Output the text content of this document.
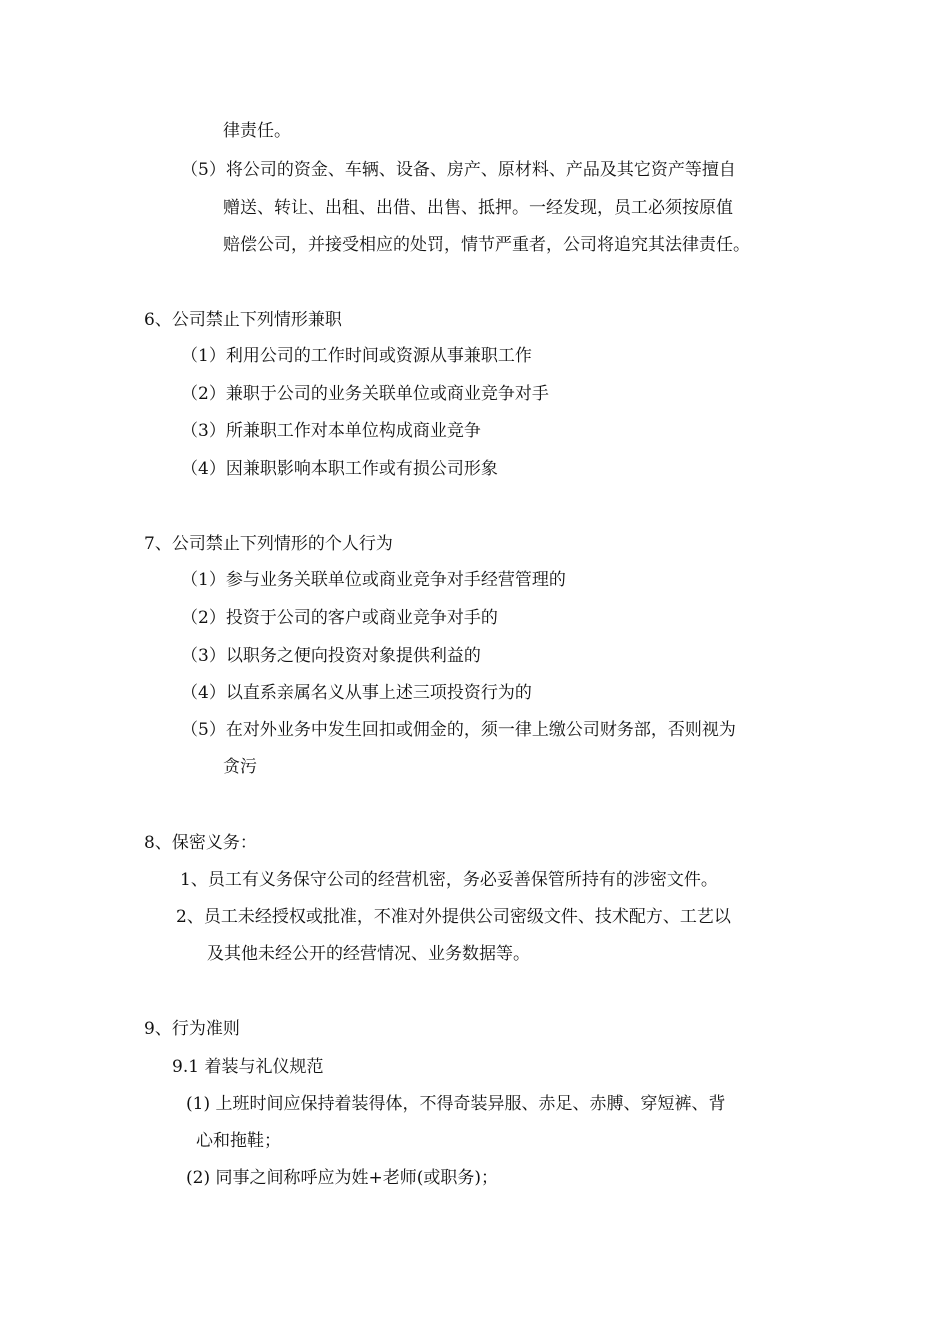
律责任。
（5）将公司的资金、车辆、设备、房产、原材料、产品及其它资产等擅自
赠送、转让、出租、出借、出售、抵押。一经发现，员工必须按原值
赔偿公司，并接受相应的处罚，情节严重者，公司将追究其法律责任。
6、公司禁止下列情形兼职
（1）利用公司的工作时间或资源从事兼职工作
（2）兼职于公司的业务关联单位或商业竞争对手
（3）所兼职工作对本单位构成商业竞争
（4）因兼职影响本职工作或有损公司形象
7、公司禁止下列情形的个人行为
（1）参与业务关联单位或商业竞争对手经营管理的
（2）投资于公司的客户或商业竞争对手的
（3）以职务之便向投资对象提供利益的
（4）以直系亲属名义从事上述三项投资行为的
（5）在对外业务中发生回扣或佣金的，须一律上缴公司财务部，否则视为
贪污
8、保密义务：
1、员工有义务保守公司的经营机密，务必妥善保管所持有的涉密文件。
2、员工未经授权或批准，不准对外提供公司密级文件、技术配方、工艺以
及其他未经公开的经营情况、业务数据等。
9、行为准则
9.1 着装与礼仪规范
(1) 上班时间应保持着装得体，不得奇装异服、赤足、赤膊、穿短裤、背
心和拖鞋；
(2) 同事之间称呼应为姓+老师(或职务)；
